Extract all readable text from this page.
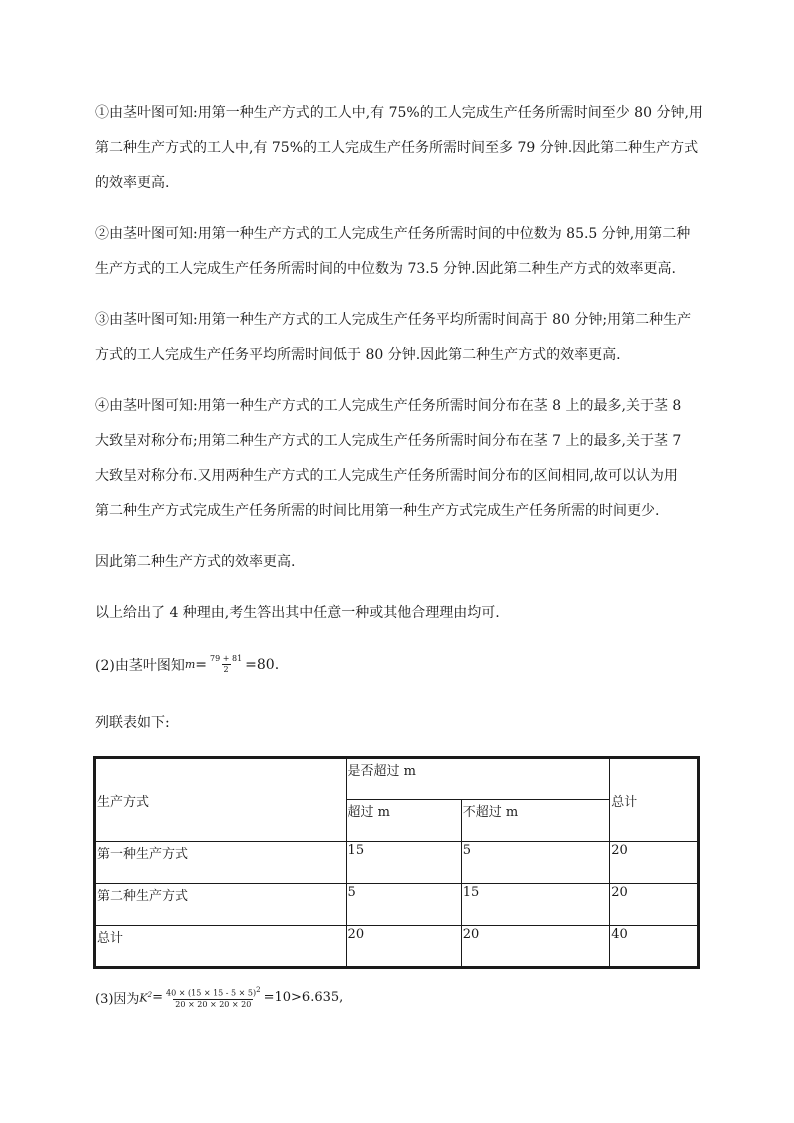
①由茎叶图可知:用第一种生产方式的工人中,有 75%的工人完成生产任务所需时间至少 80 分钟,用
第二种生产方式的工人中,有 75%的工人完成生产任务所需时间至多 79 分钟.因此第二种生产方式
的效率更高.

②由茎叶图可知:用第一种生产方式的工人完成生产任务所需时间的中位数为 85.5 分钟,用第二种
生产方式的工人完成生产任务所需时间的中位数为 73.5 分钟.因此第二种生产方式的效率更高.

③由茎叶图可知:用第一种生产方式的工人完成生产任务平均所需时间高于 80 分钟;用第二种生产
方式的工人完成生产任务平均所需时间低于 80 分钟.因此第二种生产方式的效率更高.

④由茎叶图可知:用第一种生产方式的工人完成生产任务所需时间分布在茎 8 上的最多,关于茎 8
大致呈对称分布;用第二种生产方式的工人完成生产任务所需时间分布在茎 7 上的最多,关于茎 7
大致呈对称分布.又用两种生产方式的工人完成生产任务所需时间分布的区间相同,故可以认为用
第二种生产方式完成生产任务所需的时间比用第一种生产方式完成生产任务所需的时间更少.

因此第二种生产方式的效率更高.

以上给出了 4 种理由,考生答出其中任意一种或其他合理理由均可.

(2)由茎叶图知 $m = \frac{79 + 81}{2} =80$.

列联表如下:

生产方式	是否超过 m		总计
	超过 m	不超过 m	
第一种生产方式	15	5	20
第二种生产方式	5	15	20
总计	20	20	40
(3)因为 $K^2 = \frac{40 \times (15 \times 15 - 5 \times 5)^2}{20 \times 20 \times 20 \times 20} =10>6.635$,
